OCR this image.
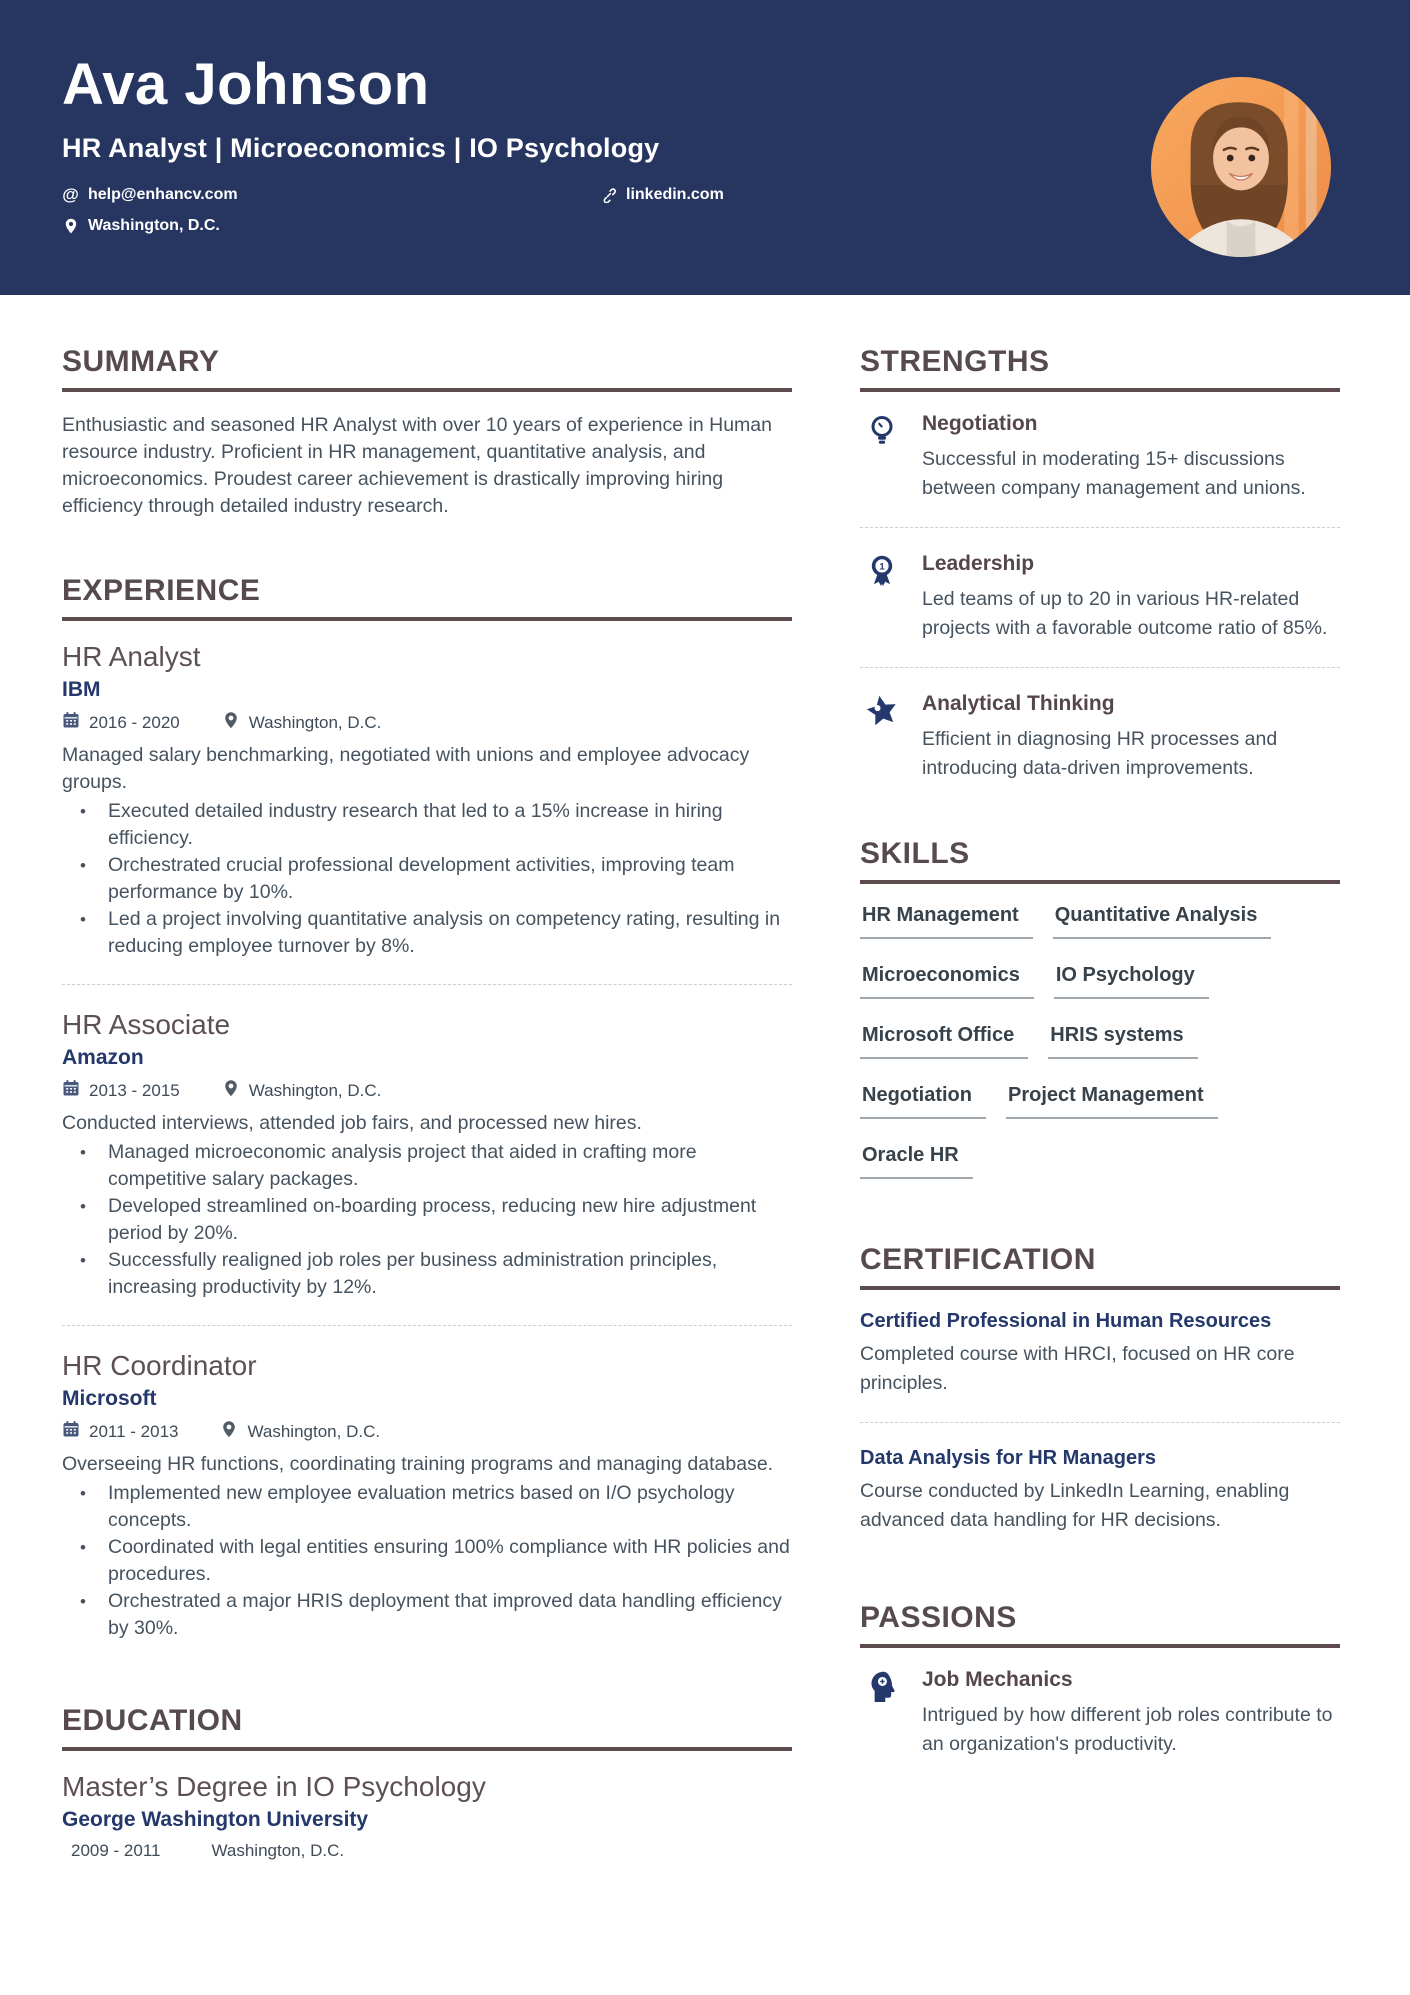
Ava Johnson
HR Analyst | Microeconomics | IO Psychology
@ help@enhancv.com	linkedin.com
Washington, D.C.
SUMMARY

Enthusiastic and seasoned HR Analyst with over 10 years of experience in Human resource industry. Proficient in HR management, quantitative analysis, and microeconomics. Proudest career achievement is drastically improving hiring efficiency through detailed industry research.

EXPERIENCE
HR Analyst
IBM
2016 - 2020	Washington, D.C.

Managed salary benchmarking, negotiated with unions and employee advocacy groups.

• Executed detailed industry research that led to a 15% increase in hiring efficiency.
• Orchestrated crucial professional development activities, improving team performance by 10%.
• Led a project involving quantitative analysis on competency rating, resulting in reducing employee turnover by 8%.
HR Associate
Amazon
2013 - 2015	Washington, D.C.

Conducted interviews, attended job fairs, and processed new hires.

• Managed microeconomic analysis project that aided in crafting more competitive salary packages.
• Developed streamlined on-boarding process, reducing new hire adjustment period by 20%.
• Successfully realigned job roles per business administration principles, increasing productivity by 12%.
HR Coordinator
Microsoft
2011 - 2013	Washington, D.C.

Overseeing HR functions, coordinating training programs and managing database.

• Implemented new employee evaluation metrics based on I/O psychology concepts.
• Coordinated with legal entities ensuring 100% compliance with HR policies and procedures.
• Orchestrated a major HRIS deployment that improved data handling efficiency by 30%.
EDUCATION
Master’s Degree in IO Psychology
George Washington University
2009 - 2011	Washington, D.C.
STRENGTHS
Negotiation

Successful in moderating 15+ discussions between company management and unions.

1 Leadership

Led teams of up to 20 in various HR-related projects with a favorable outcome ratio of 85%.

Analytical Thinking

Efficient in diagnosing HR processes and introducing data-driven improvements.

SKILLS
HR Management	Quantitative Analysis
Microeconomics	IO Psychology
Microsoft Office	HRIS systems
Negotiation	Project Management
Oracle HR
CERTIFICATION
Certified Professional in Human Resources

Completed course with HRCI, focused on HR core principles.

Data Analysis for HR Managers

Course conducted by LinkedIn Learning, enabling advanced data handling for HR decisions.

PASSIONS
Job Mechanics

Intrigued by how different job roles contribute to an organization's productivity.
